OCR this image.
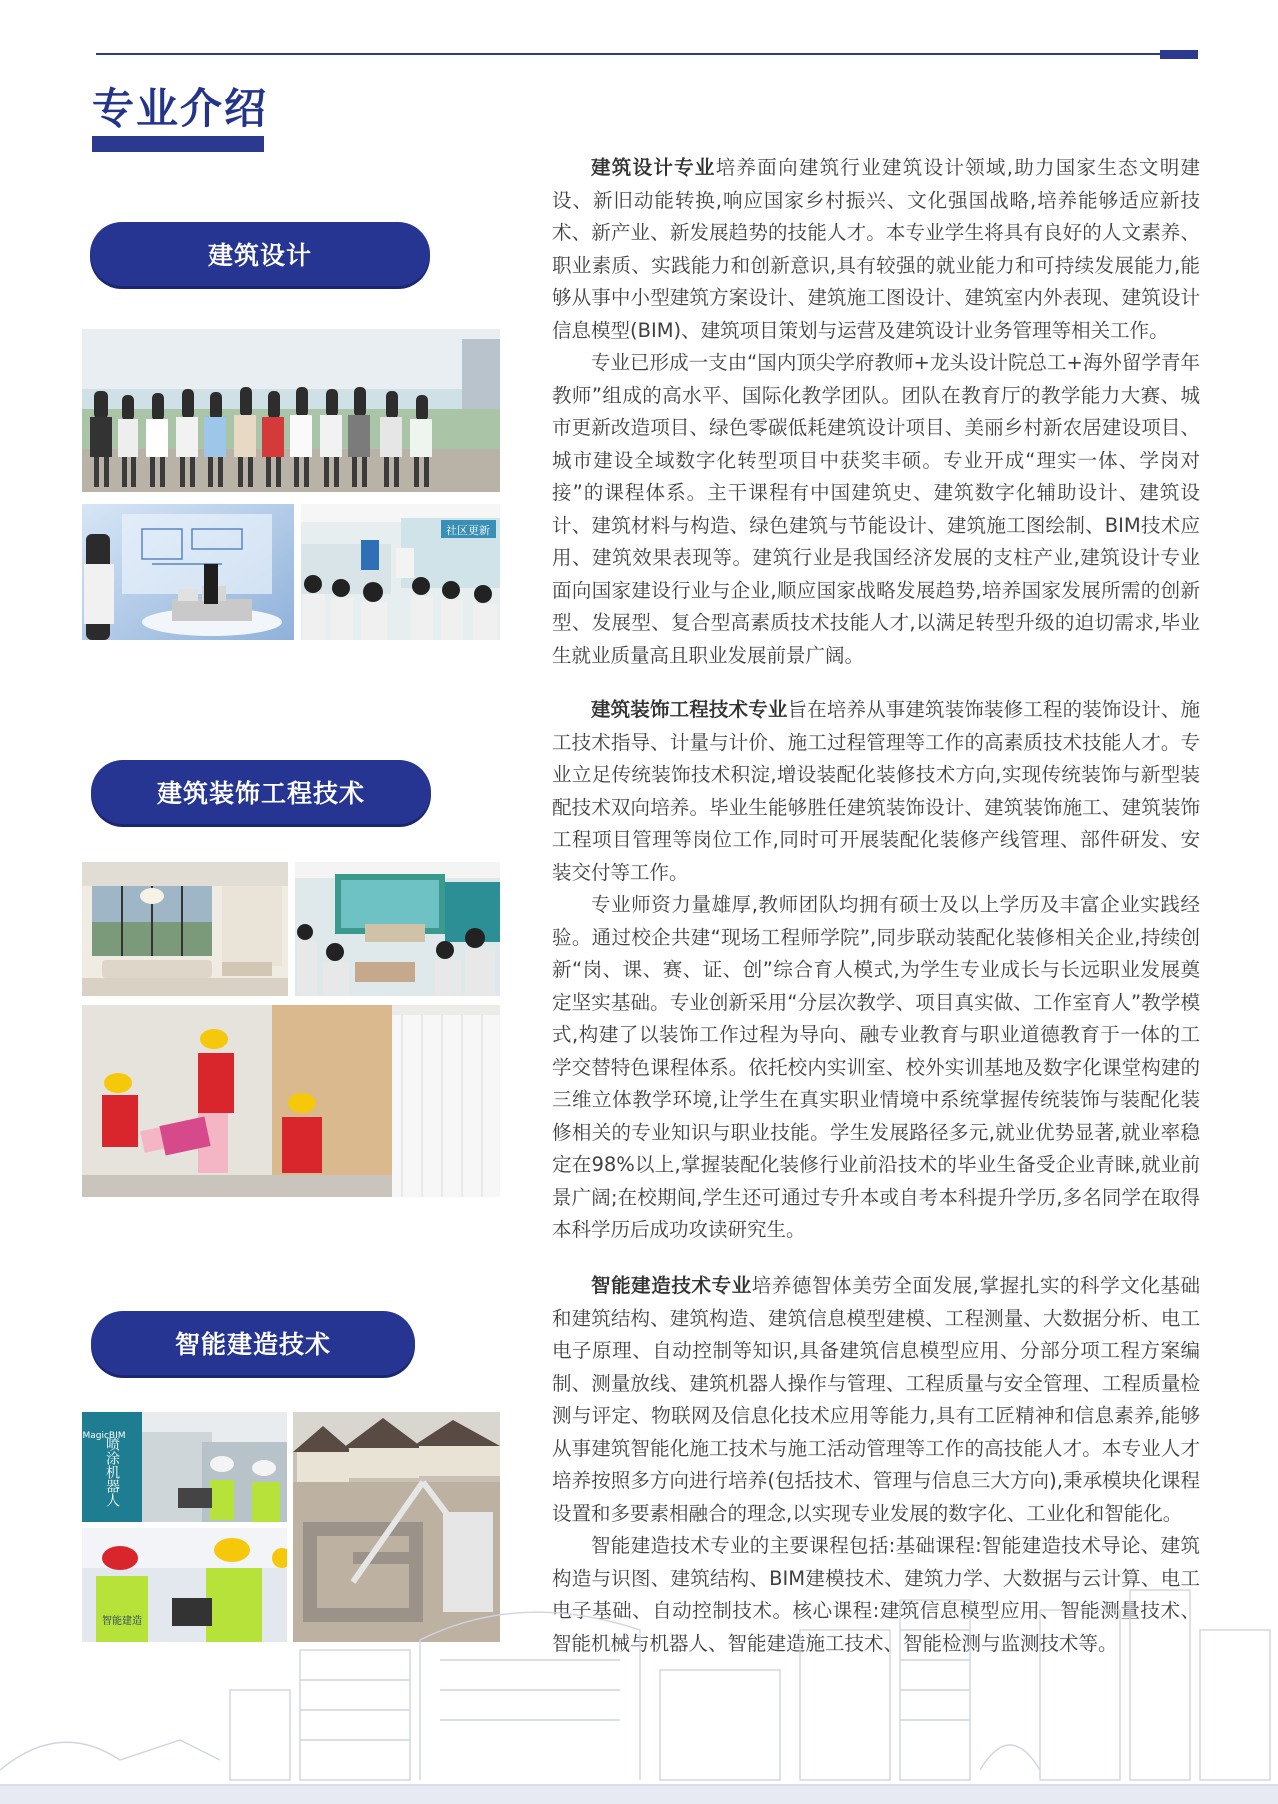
专业介绍
建筑设计
建筑装饰工程技术
智能建造技术
社区更新
MagicBIM
喷涂机器人
智能建造

建筑设计专业培养面向建筑行业建筑设计领域,助力国家生态文明建设、新旧动能转换,响应国家乡村振兴、文化强国战略,培养能够适应新技术、新产业、新发展趋势的技能人才。本专业学生将具有良好的人文素养、职业素质、实践能力和创新意识,具有较强的就业能力和可持续发展能力,能够从事中小型建筑方案设计、建筑施工图设计、建筑室内外表现、建筑设计信息模型(BIM)、建筑项目策划与运营及建筑设计业务管理等相关工作。

专业已形成一支由“国内顶尖学府教师+龙头设计院总工+海外留学青年教师”组成的高水平、国际化教学团队。团队在教育厅的教学能力大赛、城市更新改造项目、绿色零碳低耗建筑设计项目、美丽乡村新农居建设项目、城市建设全域数字化转型项目中获奖丰硕。专业开成“理实一体、学岗对接”的课程体系。主干课程有中国建筑史、建筑数字化辅助设计、建筑设计、建筑材料与构造、绿色建筑与节能设计、建筑施工图绘制、BIM技术应用、建筑效果表现等。建筑行业是我国经济发展的支柱产业,建筑设计专业面向国家建设行业与企业,顺应国家战略发展趋势,培养国家发展所需的创新型、发展型、复合型高素质技术技能人才,以满足转型升级的迫切需求,毕业生就业质量高且职业发展前景广阔。

建筑装饰工程技术专业旨在培养从事建筑装饰装修工程的装饰设计、施工技术指导、计量与计价、施工过程管理等工作的高素质技术技能人才。专业立足传统装饰技术积淀,增设装配化装修技术方向,实现传统装饰与新型装配技术双向培养。毕业生能够胜任建筑装饰设计、建筑装饰施工、建筑装饰工程项目管理等岗位工作,同时可开展装配化装修产线管理、部件研发、安装交付等工作。

专业师资力量雄厚,教师团队均拥有硕士及以上学历及丰富企业实践经验。通过校企共建“现场工程师学院”,同步联动装配化装修相关企业,持续创新“岗、课、赛、证、创”综合育人模式,为学生专业成长与长远职业发展奠定坚实基础。专业创新采用“分层次教学、项目真实做、工作室育人”教学模式,构建了以装饰工作过程为导向、融专业教育与职业道德教育于一体的工学交替特色课程体系。依托校内实训室、校外实训基地及数字化课堂构建的三维立体教学环境,让学生在真实职业情境中系统掌握传统装饰与装配化装修相关的专业知识与职业技能。学生发展路径多元,就业优势显著,就业率稳定在98%以上,掌握装配化装修行业前沿技术的毕业生备受企业青睐,就业前景广阔;在校期间,学生还可通过专升本或自考本科提升学历,多名同学在取得本科学历后成功攻读研究生。

智能建造技术专业培养德智体美劳全面发展,掌握扎实的科学文化基础和建筑结构、建筑构造、建筑信息模型建模、工程测量、大数据分析、电工电子原理、自动控制等知识,具备建筑信息模型应用、分部分项工程方案编制、测量放线、建筑机器人操作与管理、工程质量与安全管理、工程质量检测与评定、物联网及信息化技术应用等能力,具有工匠精神和信息素养,能够从事建筑智能化施工技术与施工活动管理等工作的高技能人才。本专业人才培养按照多方向进行培养(包括技术、管理与信息三大方向),秉承模块化课程设置和多要素相融合的理念,以实现专业发展的数字化、工业化和智能化。

智能建造技术专业的主要课程包括:基础课程:智能建造技术导论、建筑构造与识图、建筑结构、BIM建模技术、建筑力学、大数据与云计算、电工电子基础、自动控制技术。核心课程:建筑信息模型应用、智能测量技术、智能机械与机器人、智能建造施工技术、智能检测与监测技术等。
